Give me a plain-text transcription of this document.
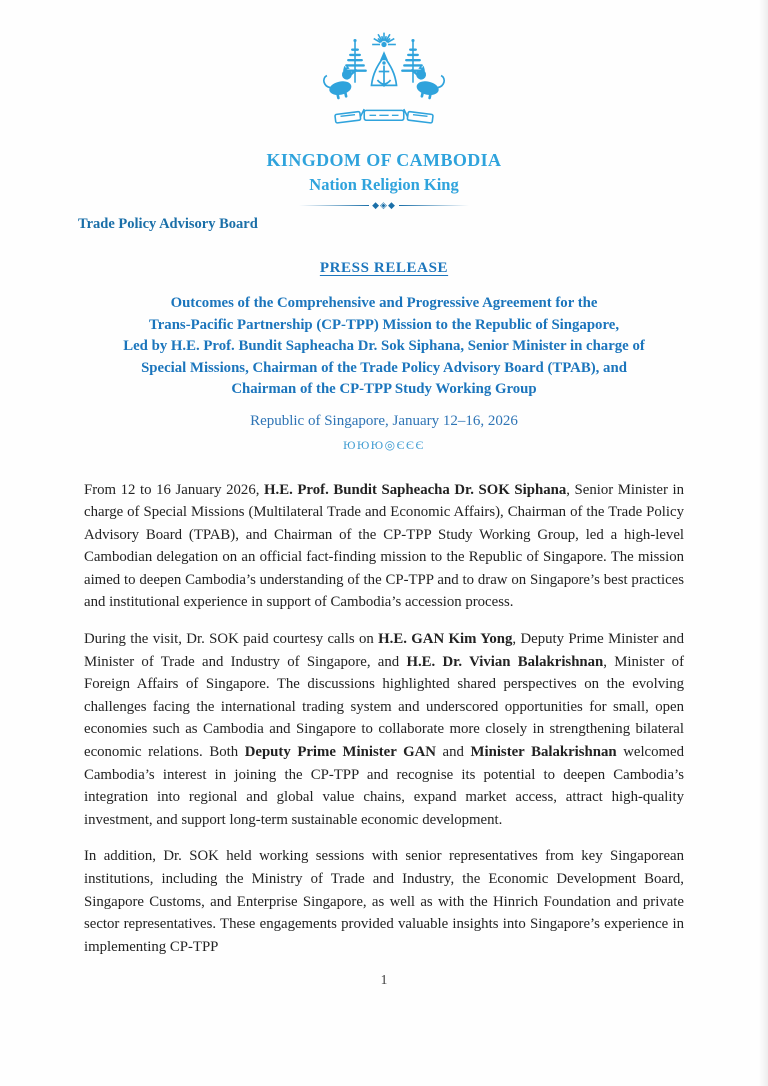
KINGDOM OF CAMBODIA
Nation Religion King
◆◈◆
Trade Policy Advisory Board
PRESS RELEASE
Outcomes of the Comprehensive and Progressive Agreement for the
Trans-Pacific Partnership (CP-TPP) Mission to the Republic of Singapore,
Led by H.E. Prof. Bundit Sapheacha Dr. Sok Siphana, Senior Minister in charge of
Special Missions, Chairman of the Trade Policy Advisory Board (TPAB), and
Chairman of the CP-TPP Study Working Group
Republic of Singapore, January 12–16, 2026
ЮЮЮ◎ЄЄЄ

From 12 to 16 January 2026, H.E. Prof. Bundit Sapheacha Dr. SOK Siphana, Senior Minister in charge of Special Missions (Multilateral Trade and Economic Affairs), Chairman of the Trade Policy Advisory Board (TPAB), and Chairman of the CP-TPP Study Working Group, led a high-level Cambodian delegation on an official fact-finding mission to the Republic of Singapore. The mission aimed to deepen Cambodia’s understanding of the CP-TPP and to draw on Singapore’s best practices and institutional experience in support of Cambodia’s accession process.

During the visit, Dr. SOK paid courtesy calls on H.E. GAN Kim Yong, Deputy Prime Minister and Minister of Trade and Industry of Singapore, and H.E. Dr. Vivian Balakrishnan, Minister of Foreign Affairs of Singapore. The discussions highlighted shared perspectives on the evolving challenges facing the international trading system and underscored opportunities for small, open economies such as Cambodia and Singapore to collaborate more closely in strengthening bilateral economic relations. Both Deputy Prime Minister GAN and Minister Balakrishnan welcomed Cambodia’s interest in joining the CP-TPP and recognise its potential to deepen Cambodia’s integration into regional and global value chains, expand market access, attract high-quality investment, and support long-term sustainable economic development.

In addition, Dr. SOK held working sessions with senior representatives from key Singaporean institutions, including the Ministry of Trade and Industry, the Economic Development Board, Singapore Customs, and Enterprise Singapore, as well as with the Hinrich Foundation and private sector representatives. These engagements provided valuable insights into Singapore’s experience in implementing CP-TPP

1
